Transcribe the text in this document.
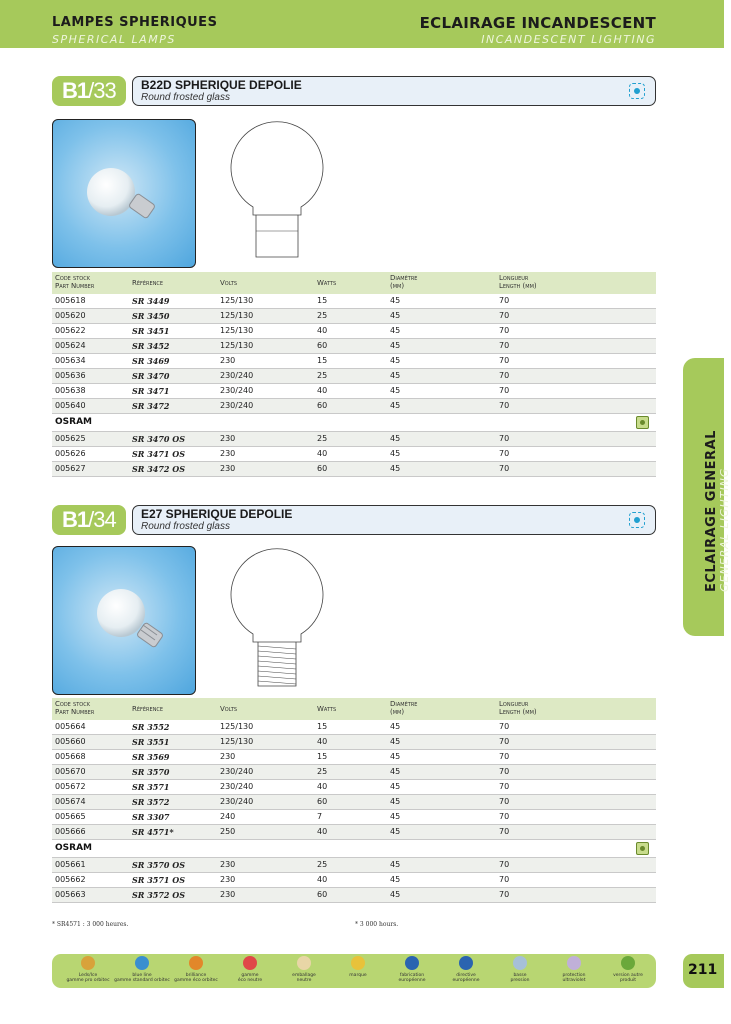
LAMPES SPHERIQUES
SPHERICAL LAMPS
ECLAIRAGE INCANDESCENT
INCANDESCENT LIGHTING
ECLAIRAGE GENERAL GENERAL LIGHTING
B1/33	B22D SPHERIQUE DEPOLIE
Round frosted glass
Code stock
Part Number	Référence	Volts	Watts
Diamètre
(mm)
Longueur
Length (mm)
005618	SR 3449	125/130	15	45	70
005620	SR 3450	125/130	25	45	70
005622	SR 3451	125/130	40	45	70
005624	SR 3452	125/130	60	45	70
005634	SR 3469	230	15	45	70
005636	SR 3470	230/240	25	45	70
005638	SR 3471	230/240	40	45	70
005640	SR 3472	230/240	60	45	70
OSRAM
005625	SR 3470 OS	230	25	45	70
005626	SR 3471 OS	230	40	45	70
005627	SR 3472 OS	230	60	45	70
B1/34	E27 SPHERIQUE DEPOLIE
Round frosted glass
Code stock
Part Number	Référence	Volts	Watts
Diamètre
(mm)
Longueur
Length (mm)
005664	SR 3552	125/130	15	45	70
005660	SR 3551	125/130	40	45	70
005668	SR 3569	230	15	45	70
005670	SR 3570	230/240	25	45	70
005672	SR 3571	230/240	40	45	70
005674	SR 3572	230/240	60	45	70
005665	SR 3307	240	7	45	70
005666	SR 4571*	250	40	45	70
OSRAM
005661	SR 3570 OS	230	25	45	70
005662	SR 3571 OS	230	40	45	70
005663	SR 3572 OS	230	60	45	70
* SR4571 : 3 000 heures.	* 3 000 hours.
Leds/Ice
gamme pro orbitec
blue line
gamme standard orbitec
brilliance
gamme éco orbitec
gamme
éco neutre
emballage
neutre
marque	fabrication
européenne
directive
européenne
basse
pression
protection
ultraviolet
version autre
produit
211
